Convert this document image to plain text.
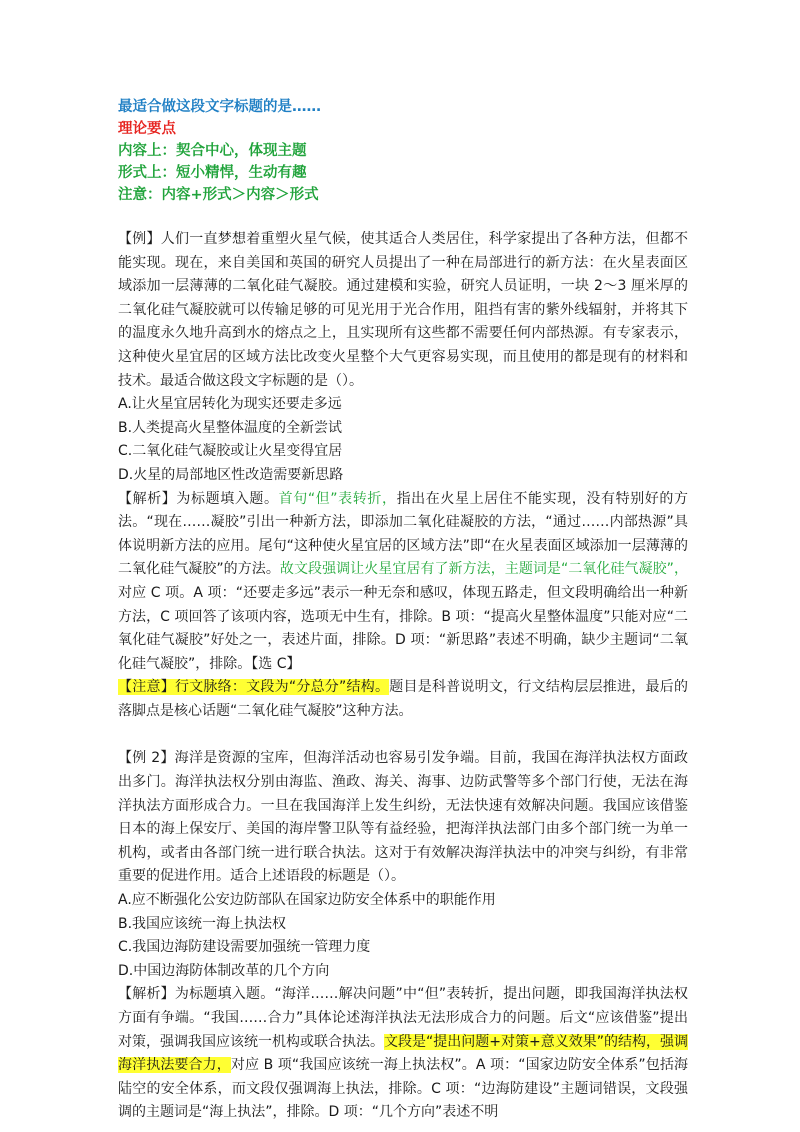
最适合做这段文字标题的是……

理论要点

内容上：契合中心，体现主题

形式上：短小精悍，生动有趣

注意：内容+形式＞内容＞形式

【例】人们一直梦想着重塑火星气候，使其适合人类居住，科学家提出了各种方法，但都不能实现。现在，来自美国和英国的研究人员提出了一种在局部进行的新方法：在火星表面区域添加一层薄薄的二氧化硅气凝胶。通过建模和实验，研究人员证明，一块 2～3 厘米厚的二氧化硅气凝胶就可以传输足够的可见光用于光合作用，阻挡有害的紫外线辐射，并将其下的温度永久地升高到水的熔点之上，且实现所有这些都不需要任何内部热源。有专家表示，这种使火星宜居的区域方法比改变火星整个大气更容易实现，而且使用的都是现有的材料和技术。最适合做这段文字标题的是（）。

A.让火星宜居转化为现实还要走多远

B.人类提高火星整体温度的全新尝试

C.二氧化硅气凝胶或让火星变得宜居

D.火星的局部地区性改造需要新思路

【解析】为标题填入题。首句“但”表转折，指出在火星上居住不能实现，没有特别好的方法。“现在……凝胶”引出一种新方法，即添加二氧化硅凝胶的方法，“通过……内部热源”具体说明新方法的应用。尾句“这种使火星宜居的区域方法”即“在火星表面区域添加一层薄薄的二氧化硅气凝胶”的方法。故文段强调让火星宜居有了新方法，主题词是“二氧化硅气凝胶”，对应 C 项。A 项：“还要走多远”表示一种无奈和感叹，体现五路走，但文段明确给出一种新方法，C 项回答了该项内容，选项无中生有，排除。B 项：“提高火星整体温度”只能对应“二氧化硅气凝胶”好处之一，表述片面，排除。D 项：“新思路”表述不明确，缺少主题词“二氧化硅气凝胶”，排除。【选 C】

【注意】行文脉络：文段为“分总分”结构。题目是科普说明文，行文结构层层推进，最后的落脚点是核心话题“二氧化硅气凝胶”这种方法。

【例 2】海洋是资源的宝库，但海洋活动也容易引发争端。目前，我国在海洋执法权方面政出多门。海洋执法权分别由海监、渔政、海关、海事、边防武警等多个部门行使，无法在海洋执法方面形成合力。一旦在我国海洋上发生纠纷，无法快速有效解决问题。我国应该借鉴日本的海上保安厅、美国的海岸警卫队等有益经验，把海洋执法部门由多个部门统一为单一机构，或者由各部门统一进行联合执法。这对于有效解决海洋执法中的冲突与纠纷，有非常重要的促进作用。适合上述语段的标题是（）。

A.应不断强化公安边防部队在国家边防安全体系中的职能作用

B.我国应该统一海上执法权

C.我国边海防建设需要加强统一管理力度

D.中国边海防体制改革的几个方向

【解析】为标题填入题。“海洋……解决问题”中“但”表转折，提出问题，即我国海洋执法权方面有争端。“我国……合力”具体论述海洋执法无法形成合力的问题。后文“应该借鉴”提出对策，强调我国应该统一机构或联合执法。文段是“提出问题+对策+意义效果”的结构，强调海洋执法要合力，对应 B 项“我国应该统一海上执法权”。A 项：“国家边防安全体系”包括海陆空的安全体系，而文段仅强调海上执法，排除。C 项：“边海防建设”主题词错误，文段强调的主题词是“海上执法”，排除。D 项：“几个方向”表述不明
